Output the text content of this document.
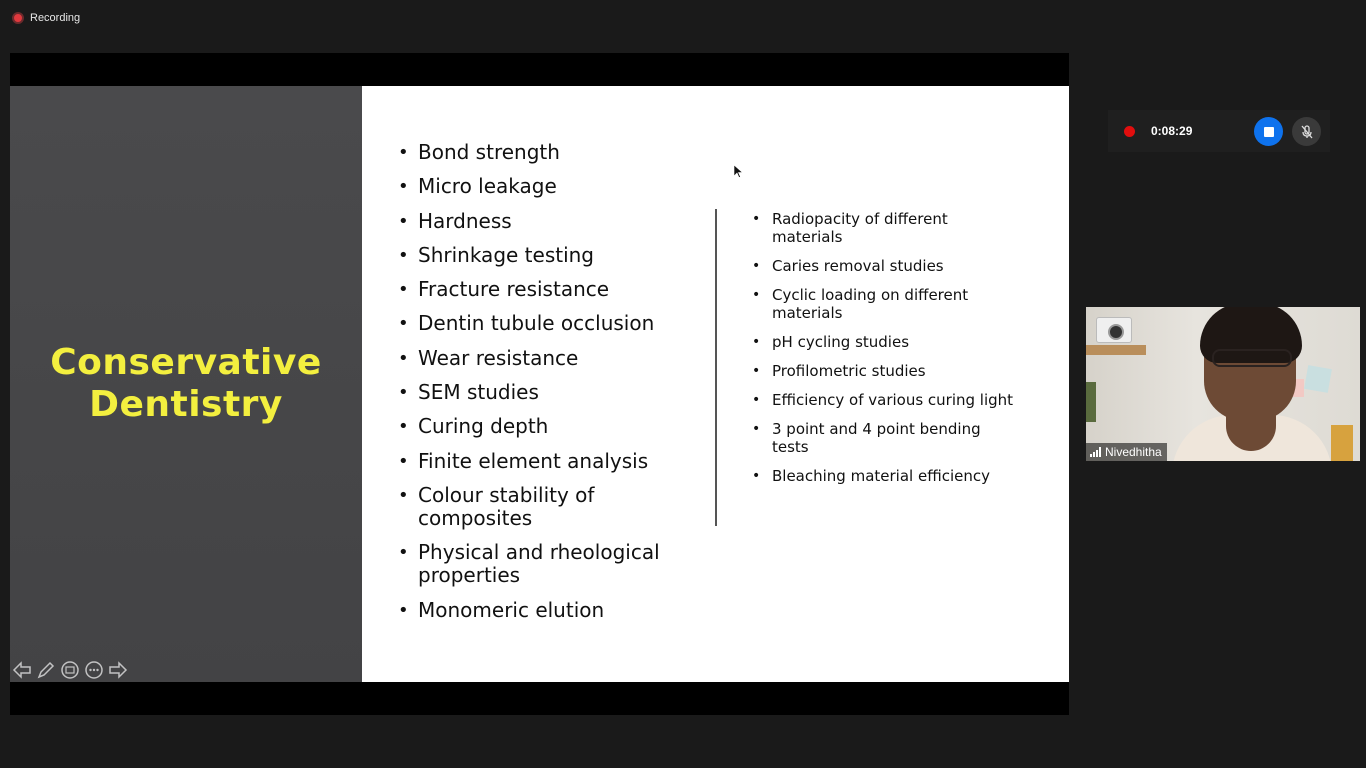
Recording
Conservative
Dentistry
• Bond strength
• Micro leakage
• Hardness
• Shrinkage testing
• Fracture resistance
• Dentin tubule occlusion
• Wear resistance
• SEM studies
• Curing depth
• Finite element analysis
• Colour stability of composites
• Physical and rheological properties
• Monomeric elution
• Radiopacity of different materials
• Caries removal studies
• Cyclic loading on different materials
• pH cycling studies
• Profilometric studies
• Efficiency of various curing light
• 3 point and 4 point bending tests
• Bleaching material efficiency
0:08:29
Nivedhitha
